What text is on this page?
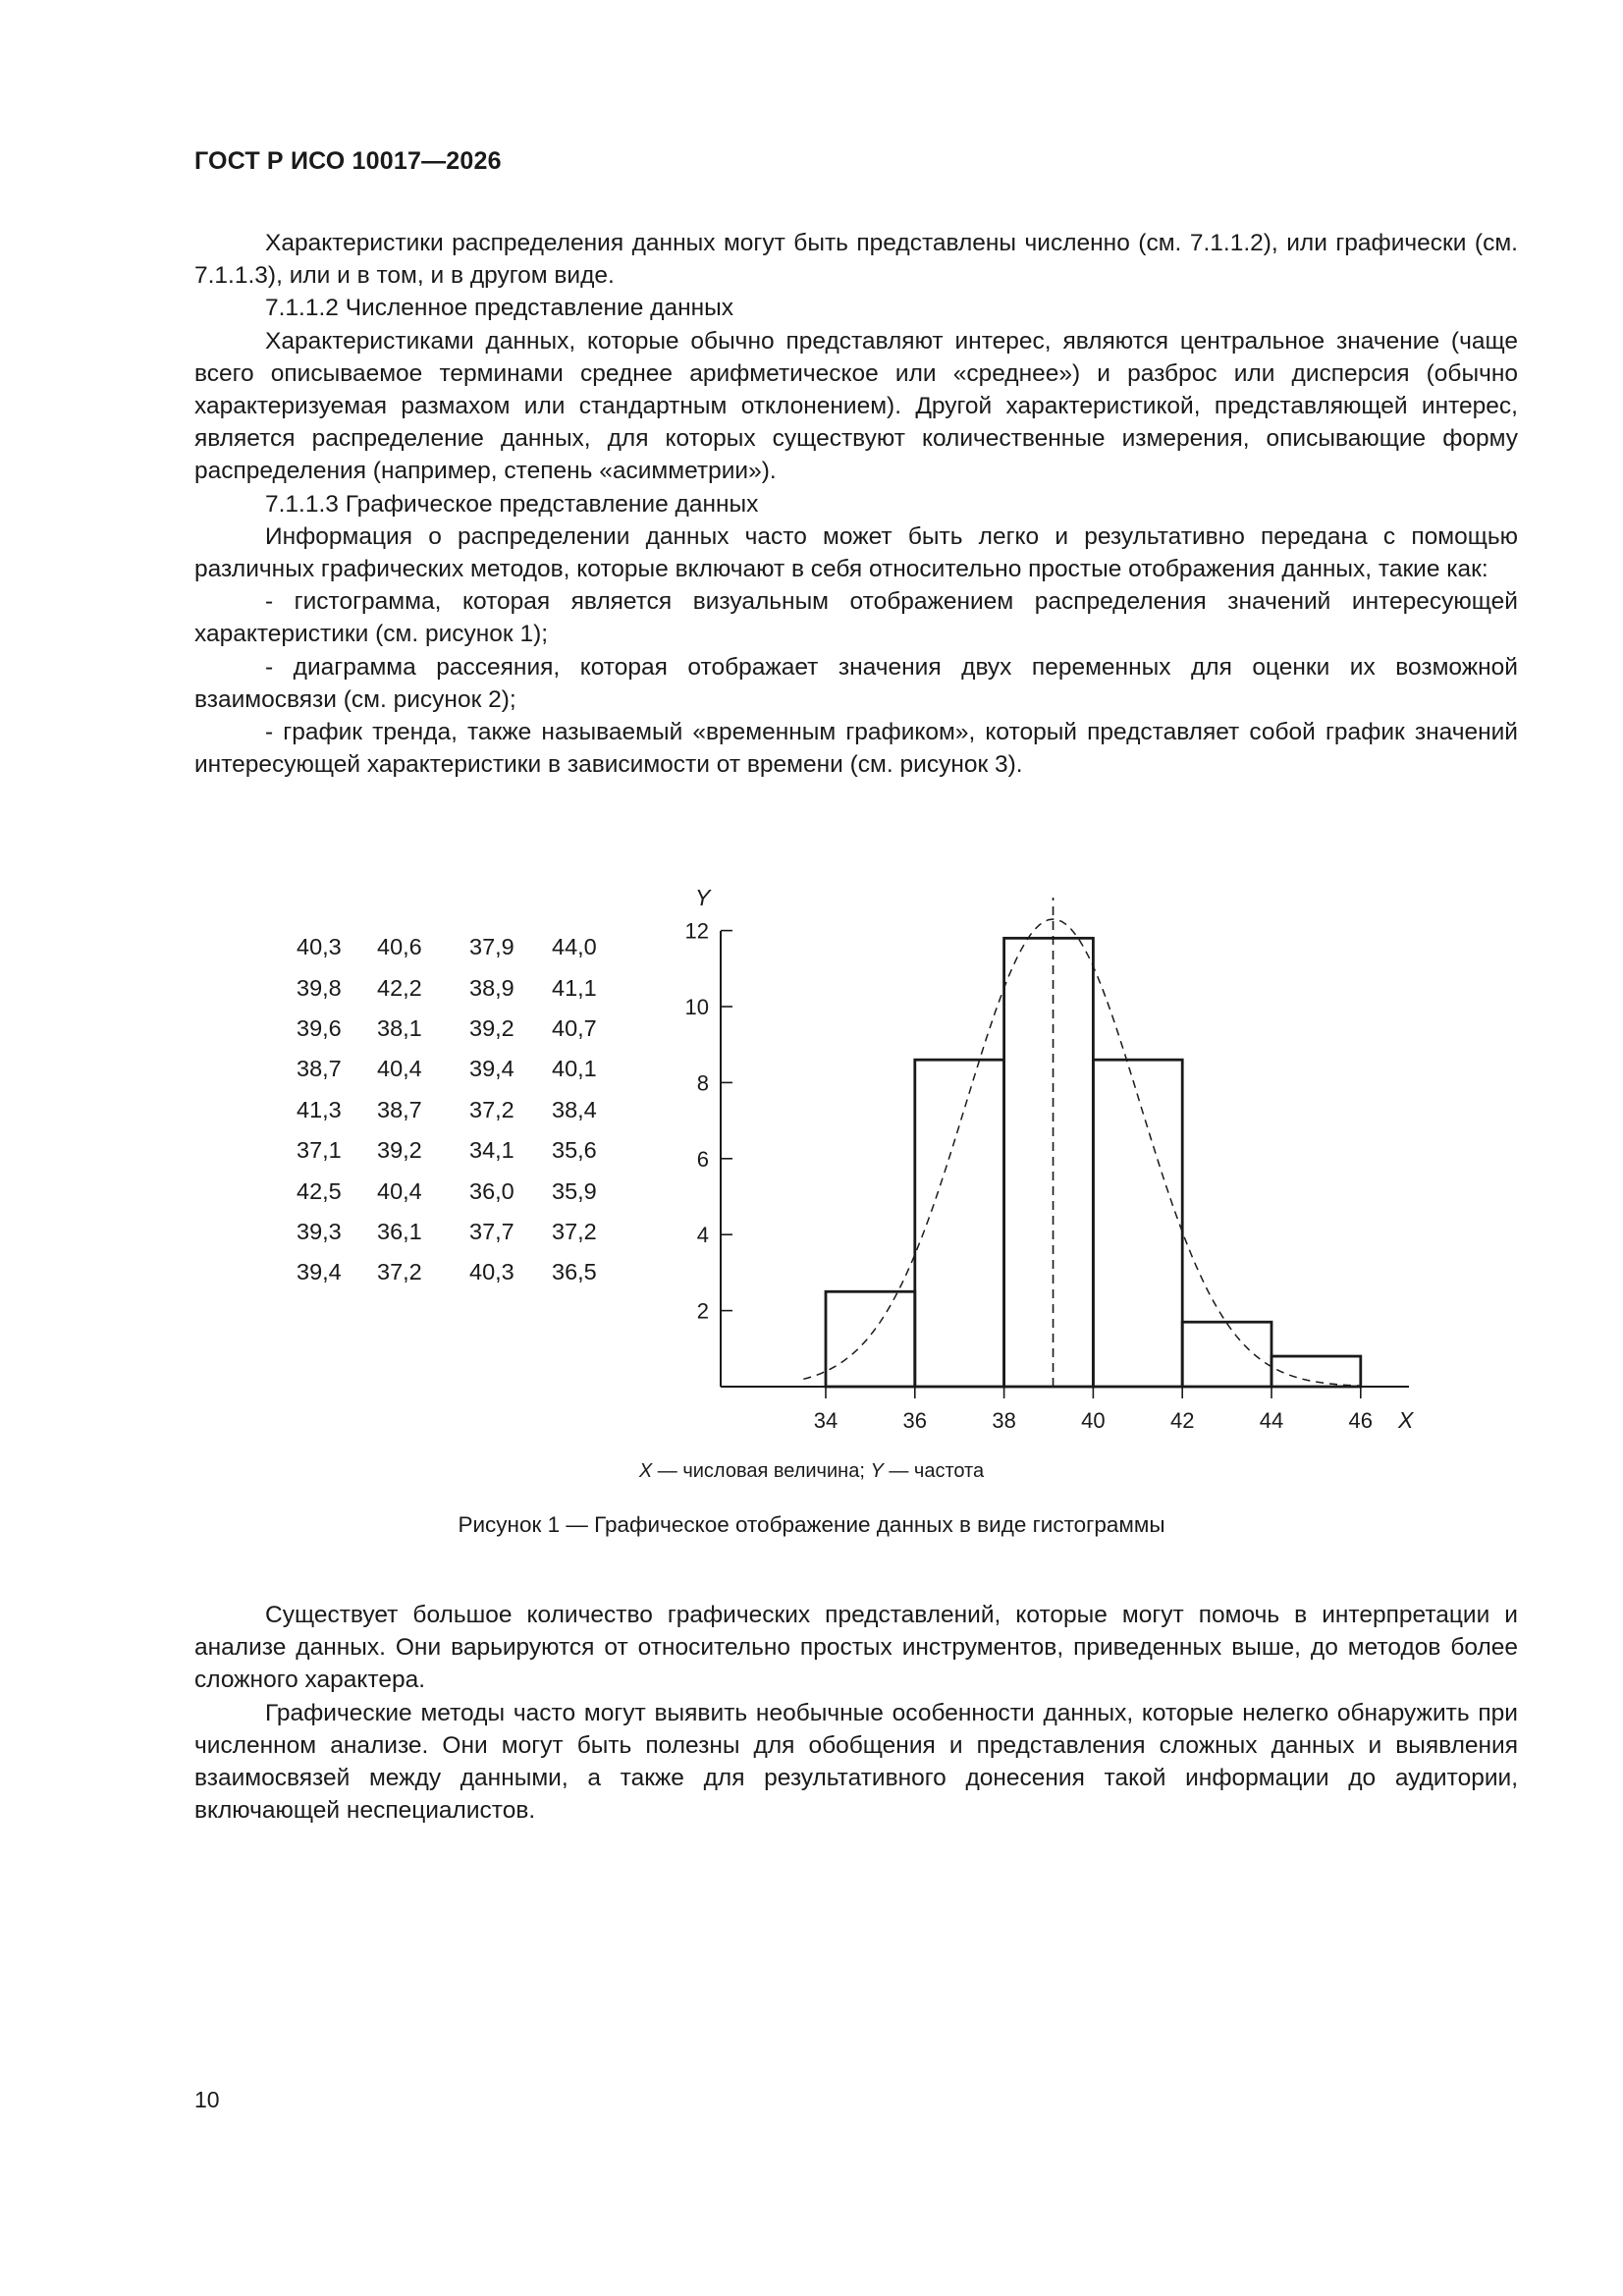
ГОСТ Р ИСО 10017—2026

Характеристики распределения данных могут быть представлены численно (см. 7.1.1.2), или графически (см. 7.1.1.3), или и в том, и в другом виде.

7.1.1.2 Численное представление данных

Характеристиками данных, которые обычно представляют интерес, являются центральное значение (чаще всего описываемое терминами среднее арифметическое или «среднее») и разброс или дисперсия (обычно характеризуемая размахом или стандартным отклонением). Другой характеристикой, представляющей интерес, является распределение данных, для которых существуют количественные измерения, описывающие форму распределения (например, степень «асимметрии»).

7.1.1.3 Графическое представление данных

Информация о распределении данных часто может быть легко и результативно передана с помощью различных графических методов, которые включают в себя относительно простые отображения данных, такие как:

- гистограмма, которая является визуальным отображением распределения значений интересующей характеристики (см. рисунок 1);

- диаграмма рассеяния, которая отображает значения двух переменных для оценки их возможной взаимосвязи (см. рисунок 2);

- график тренда, также называемый «временным графиком», который представляет собой график значений интересующей характеристики в зависимости от времени (см. рисунок 3).

40,3	40,6	37,9	44,0
39,8	42,2	38,9	41,1
39,6	38,1	39,2	40,7
38,7	40,4	39,4	40,1
41,3	38,7	37,2	38,4
37,1	39,2	34,1	35,6
42,5	40,4	36,0	35,9
39,3	36,1	37,7	37,2
39,4	37,2	40,3	36,5
2
4
6
8
10
12
Y
34	36	38	40	42	44	46 X
X — числовая величина; Y — частота
Рисунок 1 — Графическое отображение данных в виде гистограммы

Существует большое количество графических представлений, которые могут помочь в интерпретации и анализе данных. Они варьируются от относительно простых инструментов, приведенных выше, до методов более сложного характера.

Графические методы часто могут выявить необычные особенности данных, которые нелегко обнаружить при численном анализе. Они могут быть полезны для обобщения и представления сложных данных и выявления взаимосвязей между данными, а также для результативного донесения такой информации до аудитории, включающей неспециалистов.

10
